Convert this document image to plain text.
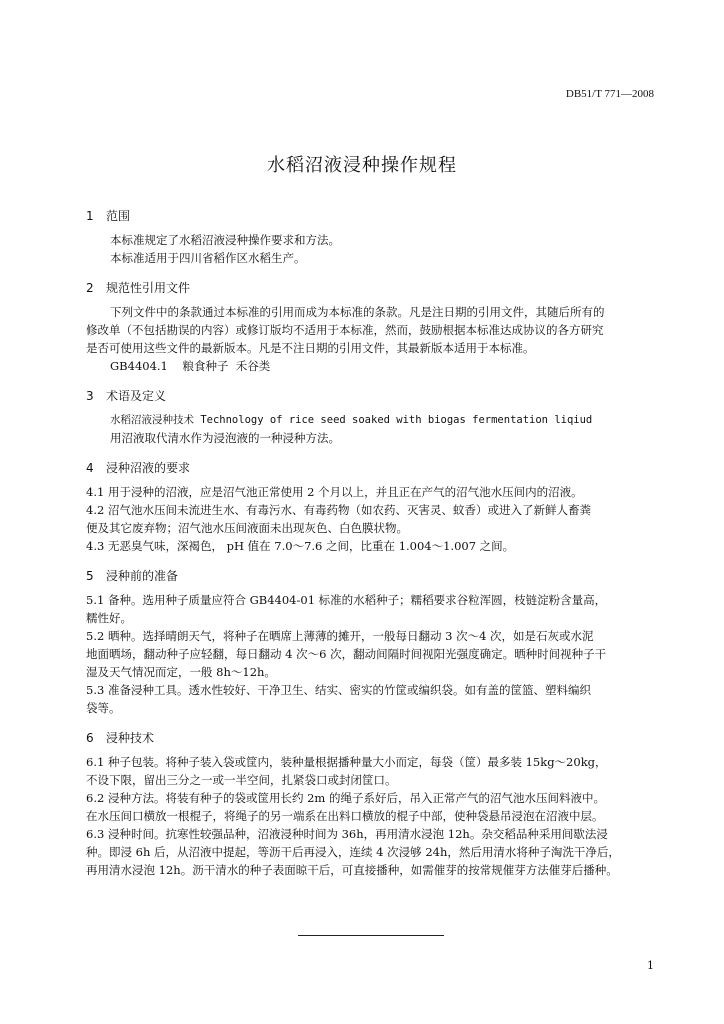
DB51/T 771—2008
水稻沼液浸种操作规程
1 范围

本标准规定了水稻沼液浸种操作要求和方法。

本标准适用于四川省稻作区水稻生产。

2 规范性引用文件

下列文件中的条款通过本标准的引用而成为本标准的条款。凡是注日期的引用文件，其随后所有的

修改单（不包括勘误的内容）或修订版均不适用于本标准，然而，鼓励根据本标准达成协议的各方研究

是否可使用这些文件的最新版本。凡是不注日期的引用文件，其最新版本适用于本标准。

GB4404.1    粮食种子  禾谷类

3 术语及定义

水稻沼液浸种技术 Technology of rice seed soaked with biogas fermentation liqiud

用沼液取代清水作为浸泡液的一种浸种方法。

4 浸种沼液的要求

4.1 用于浸种的沼液，应是沼气池正常使用 2 个月以上，并且正在产气的沼气池水压间内的沼液。

4.2 沼气池水压间未流进生水、有毒污水、有毒药物（如农药、灭害灵、蚊香）或进入了新鲜人畜粪

便及其它废弃物；沼气池水压间液面未出现灰色、白色膜状物。

4.3 无恶臭气味，深褐色， pH 值在 7.0～7.6 之间，比重在 1.004～1.007 之间。

5 浸种前的准备

5.1 备种。选用种子质量应符合 GB4404-01 标准的水稻种子；糯稻要求谷粒浑圆，枝链淀粉含量高，

糯性好。

5.2 晒种。选择晴朗天气，将种子在晒席上薄薄的摊开，一般每日翻动 3 次～4 次，如是石灰或水泥

地面晒场，翻动种子应轻翻，每日翻动 4 次～6 次，翻动间隔时间视阳光强度确定。晒种时间视种子干

湿及天气情况而定，一般 8h～12h。

5.3 准备浸种工具。透水性较好、干净卫生、结实、密实的竹筐或编织袋。如有盖的筐篮、塑料编织

袋等。

6 浸种技术

6.1 种子包装。将种子装入袋或筐内，装种量根据播种量大小而定，每袋（筐）最多装 15kg～20kg，

不设下限，留出三分之一或一半空间，扎紧袋口或封闭筐口。

6.2 浸种方法。将装有种子的袋或筐用长约 2m 的绳子系好后，吊入正常产气的沼气池水压间料液中。

在水压间口横放一根棍子，将绳子的另一端系在出料口横放的棍子中部，使种袋悬吊浸泡在沼液中层。

6.3 浸种时间。抗寒性较强品种，沼液浸种时间为 36h，再用清水浸泡 12h。杂交稻品种采用间歇法浸

种。即浸 6h 后，从沼液中提起，等沥干后再浸入，连续 4 次浸够 24h，然后用清水将种子淘洗干净后，

再用清水浸泡 12h。沥干清水的种子表面晾干后，可直接播种，如需催芽的按常规催芽方法催芽后播种。

1
